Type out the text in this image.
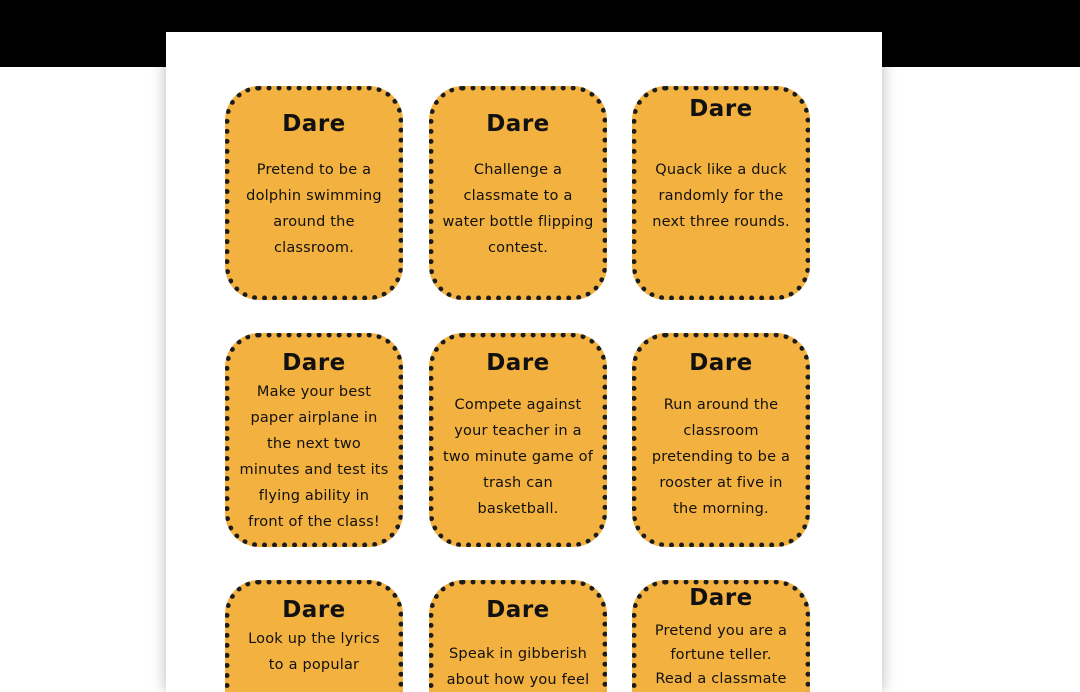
Dare
Pretend to be a
dolphin swimming
around the
classroom.
Dare
Challenge a
classmate to a
water bottle flipping
contest.
Dare
Quack like a duck
randomly for the
next three rounds.
Dare
Make your best
paper airplane in
the next two
minutes and test its
flying ability in
front of the class!
Dare
Compete against
your teacher in a
two minute game of
trash can
basketball.
Dare
Run around the
classroom
pretending to be a
rooster at five in
the morning.
Dare
Look up the lyrics
to a popular
Dare
Speak in gibberish
about how you feel
Dare
Pretend you are a
fortune teller.
Read a classmate
